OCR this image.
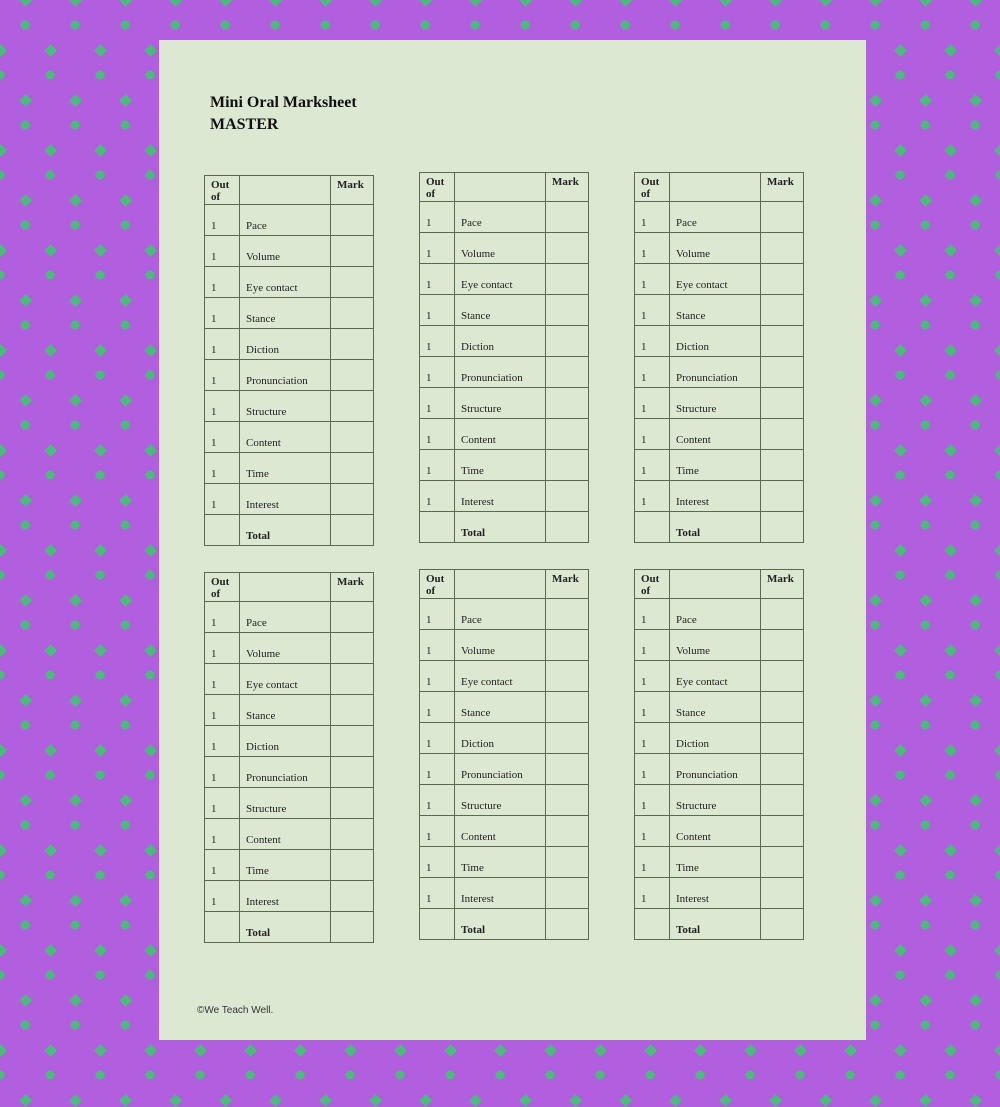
Mini Oral Marksheet
MASTER
©We Teach Well.
Out of		Mark
1	Pace	
1	Volume	
1	Eye contact	
1	Stance	
1	Diction	
1	Pronunciation	
1	Structure	
1	Content	
1	Time	
1	Interest	
	Total	
Out of		Mark
1	Pace	
1	Volume	
1	Eye contact	
1	Stance	
1	Diction	
1	Pronunciation	
1	Structure	
1	Content	
1	Time	
1	Interest	
	Total	
Out of		Mark
1	Pace	
1	Volume	
1	Eye contact	
1	Stance	
1	Diction	
1	Pronunciation	
1	Structure	
1	Content	
1	Time	
1	Interest	
	Total	
Out of		Mark
1	Pace	
1	Volume	
1	Eye contact	
1	Stance	
1	Diction	
1	Pronunciation	
1	Structure	
1	Content	
1	Time	
1	Interest	
	Total	
Out of		Mark
1	Pace	
1	Volume	
1	Eye contact	
1	Stance	
1	Diction	
1	Pronunciation	
1	Structure	
1	Content	
1	Time	
1	Interest	
	Total	
Out of		Mark
1	Pace	
1	Volume	
1	Eye contact	
1	Stance	
1	Diction	
1	Pronunciation	
1	Structure	
1	Content	
1	Time	
1	Interest	
	Total	
